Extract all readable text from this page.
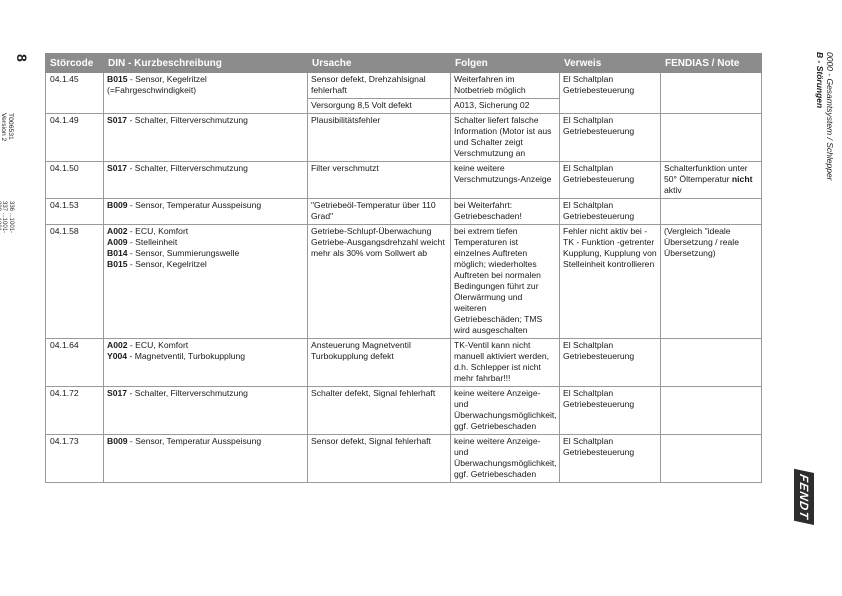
8
T006531
Version 2
336 ...1001-
337 ...1001-
0000 - Gesamtsystem / Schlepper
B - Störungen
FENDT
Störcode	DIN - Kurzbeschreibung	Ursache	Folgen	Verweis	FENDIAS / Note
04.1.45	B015 - Sensor, Kegelritzel
(=Fahrgeschwindigkeit)	Sensor defekt, Drehzahlsignal fehlerhaft	Weiterfahren im Notbetrieb möglich	El Schaltplan Getriebesteuerung	
		Versorgung 8,5 Volt defekt	A013, Sicherung 02		
04.1.49	S017 - Schalter, Filterverschmutzung	Plausibilitätsfehler	Schalter liefert falsche Information (Motor ist aus und Schalter zeigt Verschmutzung an	El Schaltplan Getriebesteuerung	
04.1.50	S017 - Schalter, Filterverschmutzung	Filter verschmutzt	keine weitere Verschmutzungs-Anzeige	El Schaltplan Getriebesteuerung	Schalterfunktion unter 50° Öltemperatur nicht aktiv
04.1.53	B009 - Sensor, Temperatur Ausspeisung	"Getriebeöl-Temperatur über 110 Grad"	bei Weiterfahrt: Getriebeschaden!	El Schaltplan Getriebesteuerung	
04.1.58	A002 - ECU, Komfort
A009 - Stelleinheit
B014 - Sensor, Summierungswelle
B015 - Sensor, Kegelritzel	Getriebe-Schlupf-Überwachung Getriebe-Ausgangsdrehzahl weicht mehr als 30% vom Sollwert ab	bei extrem tiefen Temperaturen ist einzelnes Auftreten möglich; wiederholtes Auftreten bei normalen Bedingungen führt zur Ölerwärmung und weiteren Getriebeschäden; TMS wird ausgeschalten	Fehler nicht aktiv bei -TK - Funktion -getrenter Kupplung, Kupplung von Stelleinheit kontrollieren	(Vergleich "ideale Übersetzung / reale Übersetzung)
04.1.64	A002 - ECU, Komfort
Y004 - Magnetventil, Turbokupplung	Ansteuerung Magnetventil Turbokupplung defekt	TK-Ventil kann nicht manuell aktiviert werden, d.h. Schlepper ist nicht mehr fahrbar!!!	El Schaltplan Getriebesteuerung	
04.1.72	S017 - Schalter, Filterverschmutzung	Schalter defekt, Signal fehlerhaft	keine weitere Anzeige- und Überwachungsmöglichkeit, ggf. Getriebeschaden	El Schaltplan Getriebesteuerung	
04.1.73	B009 - Sensor, Temperatur Ausspeisung	Sensor defekt, Signal fehlerhaft	keine weitere Anzeige- und Überwachungsmöglichkeit, ggf. Getriebeschaden	El Schaltplan Getriebesteuerung	
